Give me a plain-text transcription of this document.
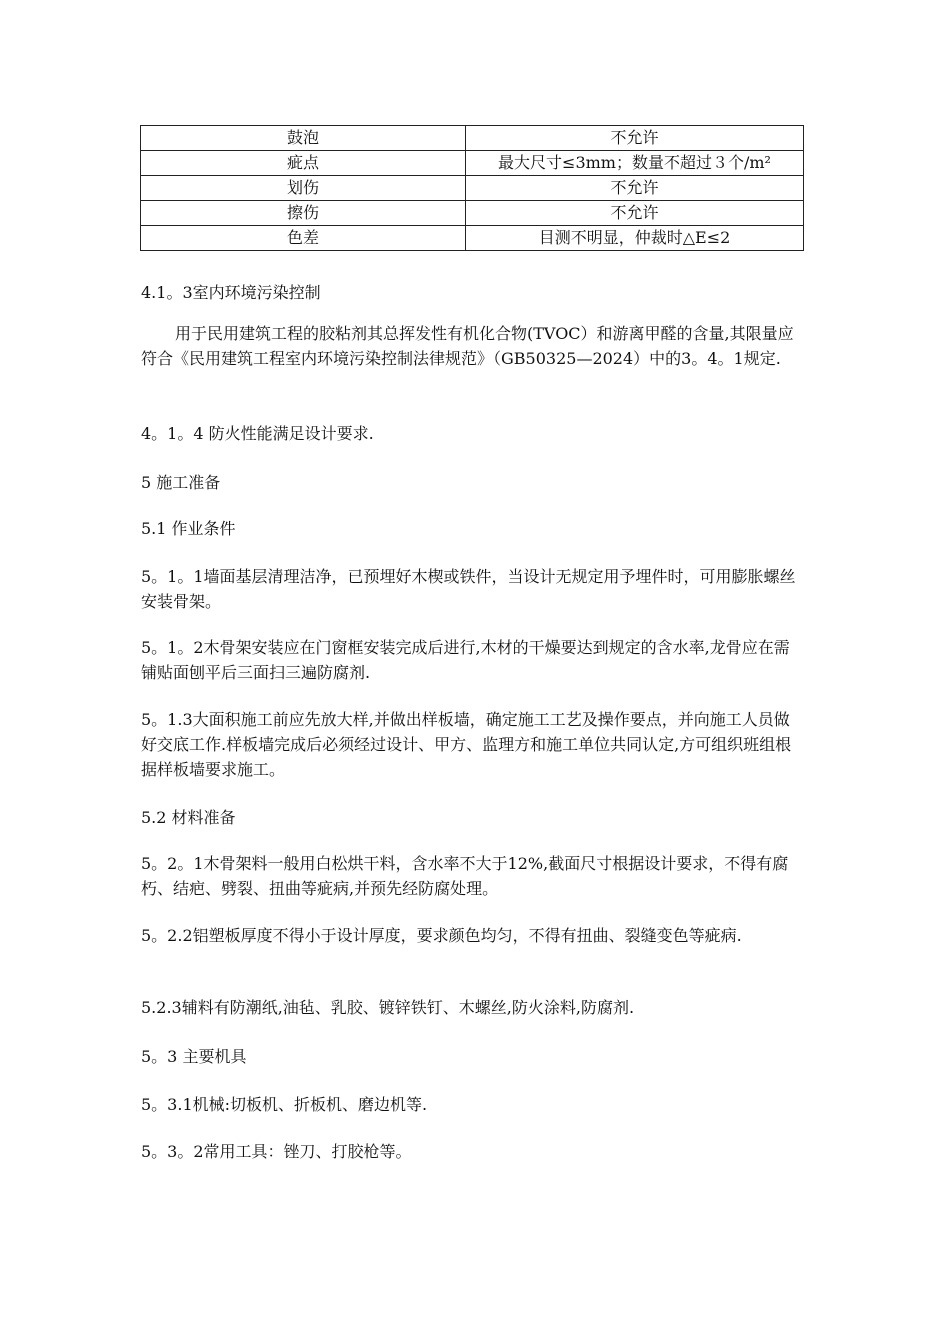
鼓泡	不允许
疵点	最大尺寸≤3mm；数量不超过３个/m²
划伤	不允许
擦伤	不允许
色差	目测不明显，仲裁时△E≤2

4.1。3室内环境污染控制

用于民用建筑工程的胶粘剂其总挥发性有机化合物(TVOC）和游离甲醛的含量,其限量应符合《民用建筑工程室内环境污染控制法律规范》（GB50325—2024）中的3。4。1规定.

4。1。4 防火性能满足设计要求.

5 施工准备

5.1 作业条件

5。1。1墙面基层清理洁净，已预埋好木楔或铁件，当设计无规定用予埋件时，可用膨胀螺丝安装骨架。

5。1。2木骨架安装应在门窗框安装完成后进行,木材的干燥要达到规定的含水率,龙骨应在需铺贴面刨平后三面扫三遍防腐剂.

5。1.3大面积施工前应先放大样,并做出样板墙，确定施工工艺及操作要点，并向施工人员做好交底工作.样板墙完成后必须经过设计、甲方、监理方和施工单位共同认定,方可组织班组根据样板墙要求施工。

5.2 材料准备

5。2。1木骨架料一般用白松烘干料，含水率不大于12%,截面尺寸根据设计要求，不得有腐朽、结疤、劈裂、扭曲等疵病,并预先经防腐处理。

5。2.2铝塑板厚度不得小于设计厚度，要求颜色均匀，不得有扭曲、裂缝变色等疵病.

5.2.3辅料有防潮纸,油毡、乳胶、镀锌铁钉、木螺丝,防火涂料,防腐剂.

5。3 主要机具

5。3.1机械:切板机、折板机、磨边机等.

5。3。2常用工具：锉刀、打胶枪等。
